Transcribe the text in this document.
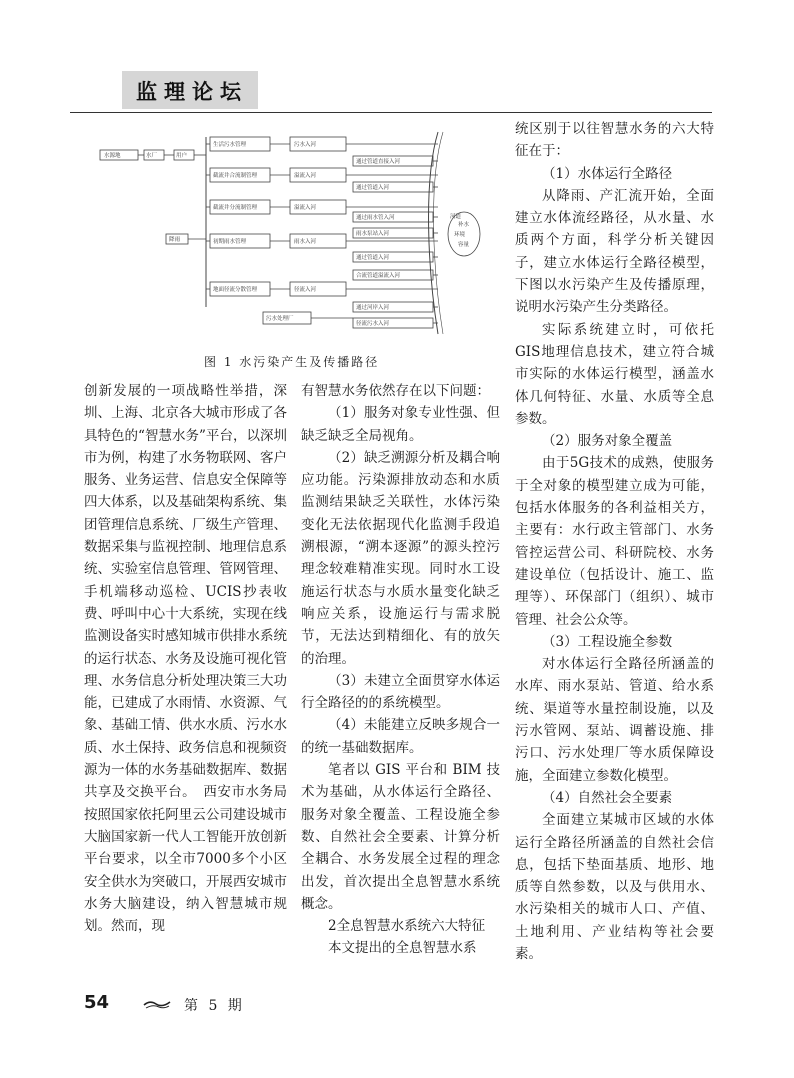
监理论坛
水源地	水厂	用户
降雨
生活污水管理
截流井合流制管理
截流井分流制管理
初期雨水管理
地面径流分散管理
污水入河
溢流入河
溢流入河
雨水入河
径流入河
通过管道直接入河
通过管道入河
通过雨水管入河
雨水泵站入河
通过管道入河
合流管道溢流入河
通过河岸入河
径流污水入河
污水处理厂
河道
补水
环境
容量
图 1 水污染产生及传播路径

创新发展的一项战略性举措，深圳、上海、北京各大城市形成了各具特色的“智慧水务”平台，以深圳市为例，构建了水务物联网、客户服务、业务运营、信息安全保障等四大体系，以及基础架构系统、集团管理信息系统、厂级生产管理、数据采集与监视控制、地理信息系统、实验室信息管理、管网管理、手机端移动巡检、UCIS抄表收费、呼叫中心十大系统，实现在线监测设备实时感知城市供排水系统的运行状态、水务及设施可视化管理、水务信息分析处理决策三大功能，已建成了水雨情、水资源、气象、基础工情、供水水质、污水水质、水土保持、政务信息和视频资源为一体的水务基础数据库、数据共享及交换平台。　西安市水务局按照国家依托阿里云公司建设城市大脑国家新一代人工智能开放创新平台要求，以全市7000多个小区安全供水为突破口，开展西安城市水务大脑建设，纳入智慧城市规划。然而，现

有智慧水务依然存在以下问题：

（1）服务对象专业性强、但缺乏缺乏全局视角。

（2）缺乏溯源分析及耦合响应功能。污染源排放动态和水质监测结果缺乏关联性，水体污染变化无法依据现代化监测手段追溯根源，“溯本逐源”的源头控污理念较难精准实现。同时水工设施运行状态与水质水量变化缺乏响应关系，设施运行与需求脱节，无法达到精细化、有的放矢的治理。

（3）未建立全面贯穿水体运行全路径的的系统模型。

（4）未能建立反映多规合一的统一基础数据库。

笔者以 GIS 平台和 BIM 技术为基础，从水体运行全路径、服务对象全覆盖、工程设施全参数、自然社会全要素、计算分析全耦合、水务发展全过程的理念出发，首次提出全息智慧水系统概念。

2全息智慧水系统六大特征

本文提出的全息智慧水系

统区别于以往智慧水务的六大特征在于：

（1）水体运行全路径

从降雨、产汇流开始，全面建立水体流经路径，从水量、水质两个方面，科学分析关键因子，建立水体运行全路径模型，下图以水污染产生及传播原理，说明水污染产生分类路径。

实际系统建立时，可依托GIS地理信息技术，建立符合城市实际的水体运行模型，涵盖水体几何特征、水量、水质等全息参数。

（2）服务对象全覆盖

由于5G技术的成熟，使服务于全对象的模型建立成为可能，包括水体服务的各利益相关方，主要有：水行政主管部门、水务管控运营公司、科研院校、水务建设单位（包括设计、施工、监理等）、环保部门（组织）、城市管理、社会公众等。

（3）工程设施全参数

对水体运行全路径所涵盖的水库、雨水泵站、管道、给水系统、渠道等水量控制设施，以及污水管网、泵站、调蓄设施、排污口、污水处理厂等水质保障设施，全面建立参数化模型。

（4）自然社会全要素

全面建立某城市区域的水体运行全路径所涵盖的自然社会信息，包括下垫面基质、地形、地质等自然参数，以及与供用水、水污染相关的城市人口、产值、土地利用、产业结构等社会要素。

54	第 5 期
